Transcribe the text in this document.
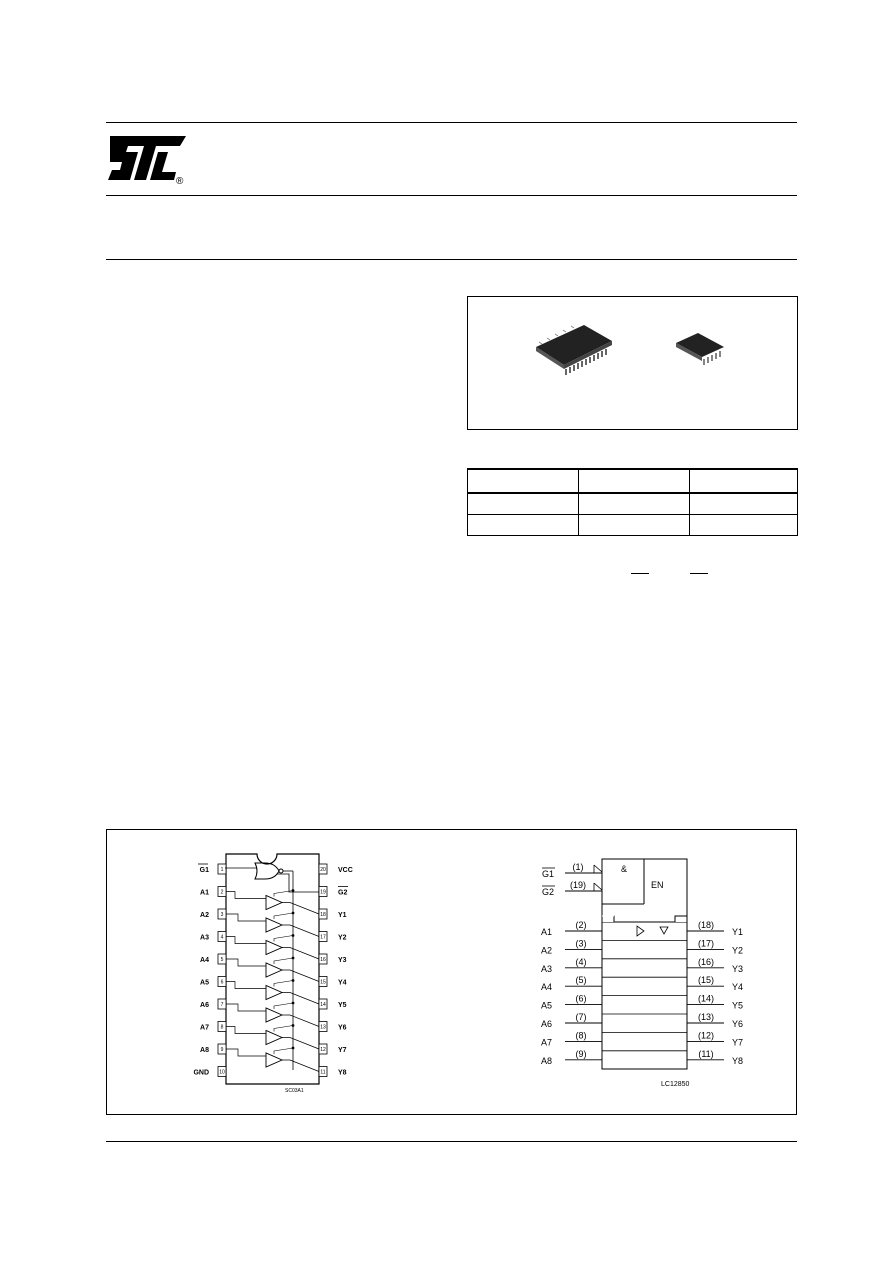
®

1
G1
2
A1
3
A2
4
A3
5
A4
6
A5
7
A6
8
A7
9
A8
10
GND
20 VCC
19 G2
18 Y1
17 Y2
16 Y3
15 Y4
14 Y5
13 Y6
12 Y7
11 Y8
SC03A1
&
EN
G1
(1)
G2
(19)
A1
(2)
Y1
(18)
A2
(3)
Y2
(17)
A3
(4)
Y3
(16)
A4
(5)
Y4
(15)
A5
(6)
Y5
(14)
A6
(7)
Y6
(13)
A7
(8)
Y7
(12)
A8
(9)
Y8
(11)
LC12850
